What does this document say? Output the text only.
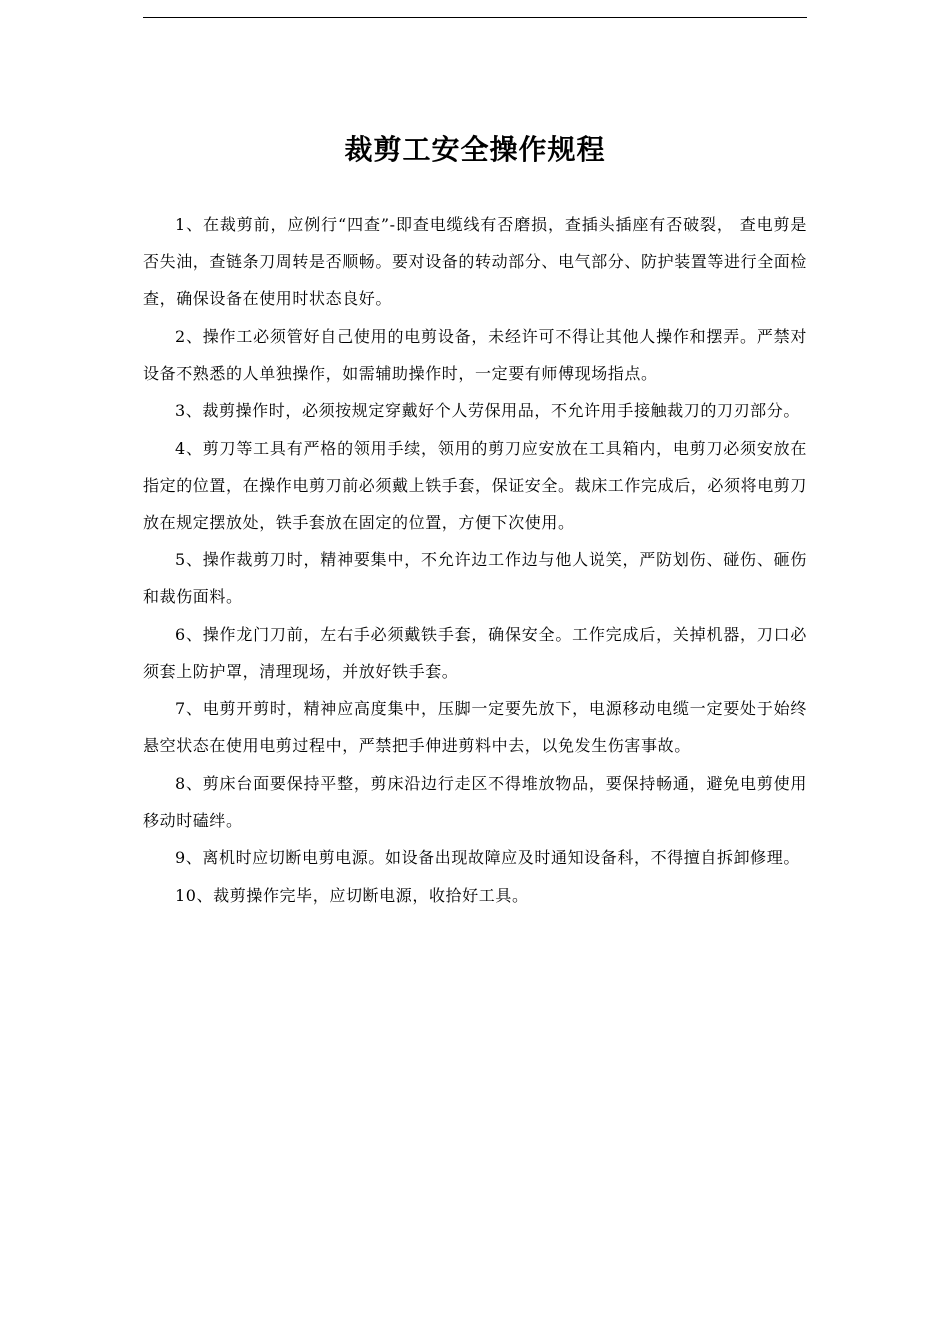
裁剪工安全操作规程

1、在裁剪前，应例行“四查”-即查电缆线有否磨损，查插头插座有否破裂， 查电剪是否失油，查链条刀周转是否顺畅。要对设备的转动部分、电气部分、防护装置等进行全面检查，确保设备在使用时状态良好。

2、操作工必须管好自己使用的电剪设备，未经许可不得让其他人操作和摆弄。严禁对设备不熟悉的人单独操作，如需辅助操作时，一定要有师傅现场指点。

3、裁剪操作时，必须按规定穿戴好个人劳保用品，不允许用手接触裁刀的刀刃部分。

4、剪刀等工具有严格的领用手续，领用的剪刀应安放在工具箱内，电剪刀必须安放在指定的位置，在操作电剪刀前必须戴上铁手套，保证安全。裁床工作完成后，必须将电剪刀放在规定摆放处，铁手套放在固定的位置，方便下次使用。

5、操作裁剪刀时，精神要集中，不允许边工作边与他人说笑，严防划伤、碰伤、砸伤和裁伤面料。

6、操作龙门刀前，左右手必须戴铁手套，确保安全。工作完成后，关掉机器，刀口必须套上防护罩，清理现场，并放好铁手套。

7、电剪开剪时，精神应高度集中，压脚一定要先放下，电源移动电缆一定要处于始终悬空状态在使用电剪过程中，严禁把手伸进剪料中去，以免发生伤害事故。

8、剪床台面要保持平整，剪床沿边行走区不得堆放物品，要保持畅通，避免电剪使用移动时磕绊。

9、离机时应切断电剪电源。如设备出现故障应及时通知设备科，不得擅自拆卸修理。

10、裁剪操作完毕，应切断电源，收拾好工具。
